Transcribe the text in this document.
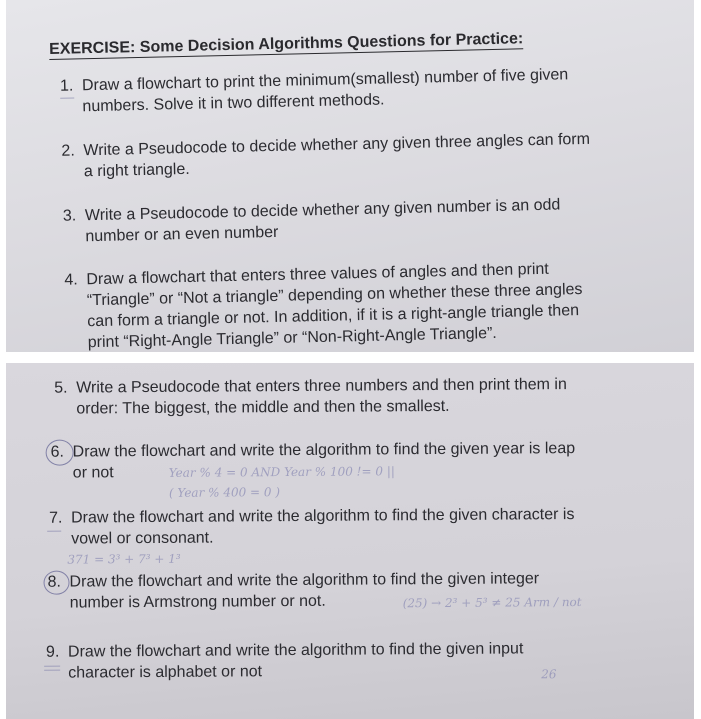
EXERCISE: Some Decision Algorithms Questions for Practice:
1. Draw a flowchart to print the minimum(smallest) number of five given
numbers. Solve it in two different methods.
2. Write a Pseudocode to decide whether any given three angles can form
a right triangle.
3. Write a Pseudocode to decide whether any given number is an odd
number or an even number
4. Draw a flowchart that enters three values of angles and then print
“Triangle” or “Not a triangle” depending on whether these three angles
can form a triangle or not. In addition, if it is a right-angle triangle then
print “Right-Angle Triangle” or “Non-Right-Angle Triangle”.
5. Write a Pseudocode that enters three numbers and then print them in
order: The biggest, the middle and then the smallest.
6. Draw the flowchart and write the algorithm to find the given year is leap
or not	Year % 4 = 0 AND Year % 100 != 0 ||
( Year % 400 = 0 )
7. Draw the flowchart and write the algorithm to find the given character is
vowel or consonant.
371 = 3³ + 7³ + 1³
8. Draw the flowchart and write the algorithm to find the given integer
number is Armstrong number or not.	(25) → 2³ + 5³ ≠ 25 Arm / not
9. Draw the flowchart and write the algorithm to find the given input
character is alphabet or not	26
